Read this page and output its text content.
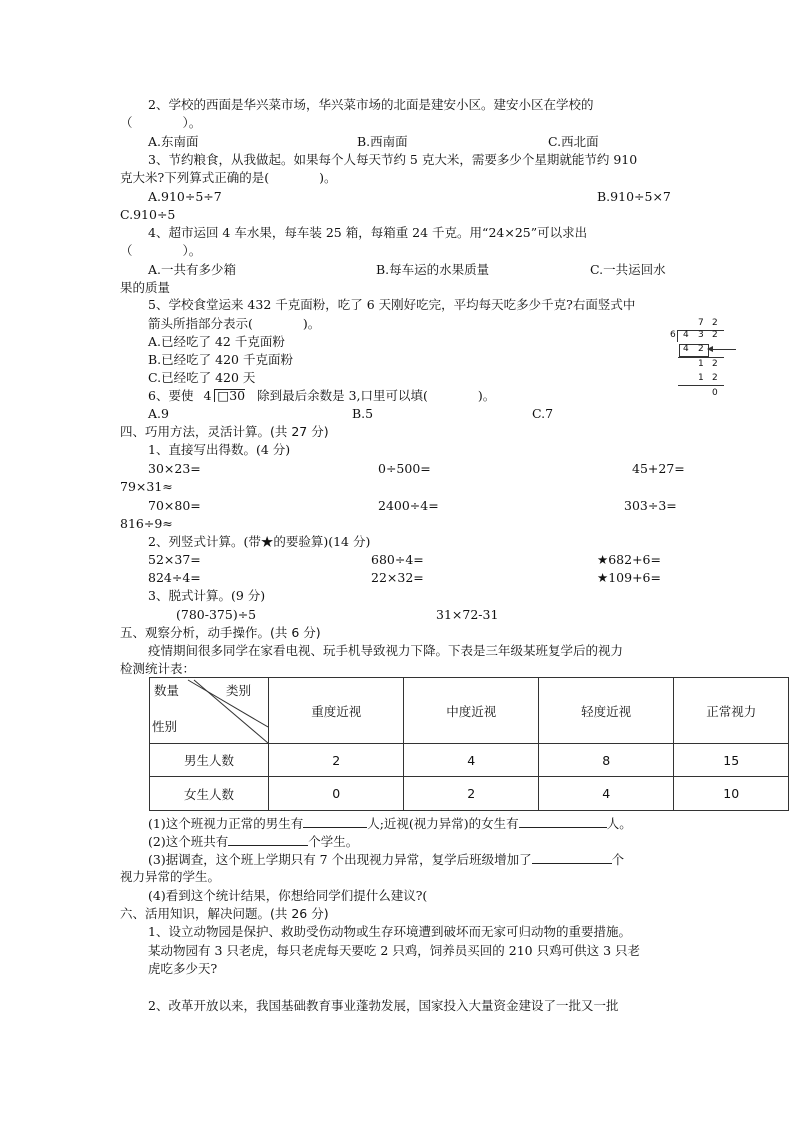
2、学校的西面是华兴菜市场，华兴菜市场的北面是建安小区。建安小区在学校的
（　　　　）。
A.东南面	B.西南面	C.西北面
3、节约粮食，从我做起。如果每个人每天节约 5 克大米，需要多少个星期就能节约 910
克大米?下列算式正确的是(　　　　)。
A.910÷5÷7	B.910÷5×7
C.910÷5
4、超市运回 4 车水果，每车装 25 箱，每箱重 24 千克。用“24×25”可以求出
（　　　　）。
A.一共有多少箱	B.每车运的水果质量	C.一共运回水
果的质量
5、学校食堂运来 432 千克面粉，吃了 6 天刚好吃完，平均每天吃多少千克?右面竖式中
箭头所指部分表示(　　　　)。
A.已经吃了 42 千克面粉
B.已经吃了 420 千克面粉
C.已经吃了 420 天
7 2
6 4 3 2
4 2
1 2
1 2
0
6、要使 4 □30 除到最后余数是 3,口里可以填(　　　　)。
A.9	B.5	C.7
四、巧用方法，灵活计算。(共 27 分)
1、直接写出得数。(4 分)
30×23=	0÷500=	45+27=
79×31≈
70×80=	2400÷4=	303÷3=
816÷9≈
2、列竖式计算。(带★的要验算)(14 分)
52×37=	680÷4=	★682+6=
824÷4=	22×32=	★109+6=
3、脱式计算。(9 分)
(780-375)÷5	31×72-31
五、观察分析，动手操作。(共 6 分)
疫情期间很多同学在家看电视、玩手机导致视力下降。下表是三年级某班复学后的视力
检测统计表：
数量 类别
性别	重度近视	中度近视	轻度近视	正常视力
男生人数	2	4	8	15
女生人数	0	2	4	10
(1)这个班视力正常的男生有	人;近视(视力异常)的女生有	人。
(2)这个班共有	个学生。
(3)据调查，这个班上学期只有 7 个出现视力异常，复学后班级增加了	个
视力异常的学生。
(4)看到这个统计结果，你想给同学们提什么建议?(
六、活用知识，解决问题。(共 26 分)
1、设立动物园是保护、救助受伤动物或生存环境遭到破坏而无家可归动物的重要措施。
某动物园有 3 只老虎，每只老虎每天要吃 2 只鸡，饲养员买回的 210 只鸡可供这 3 只老
虎吃多少天?
2、改革开放以来，我国基础教育事业蓬勃发展，国家投入大量资金建设了一批又一批
